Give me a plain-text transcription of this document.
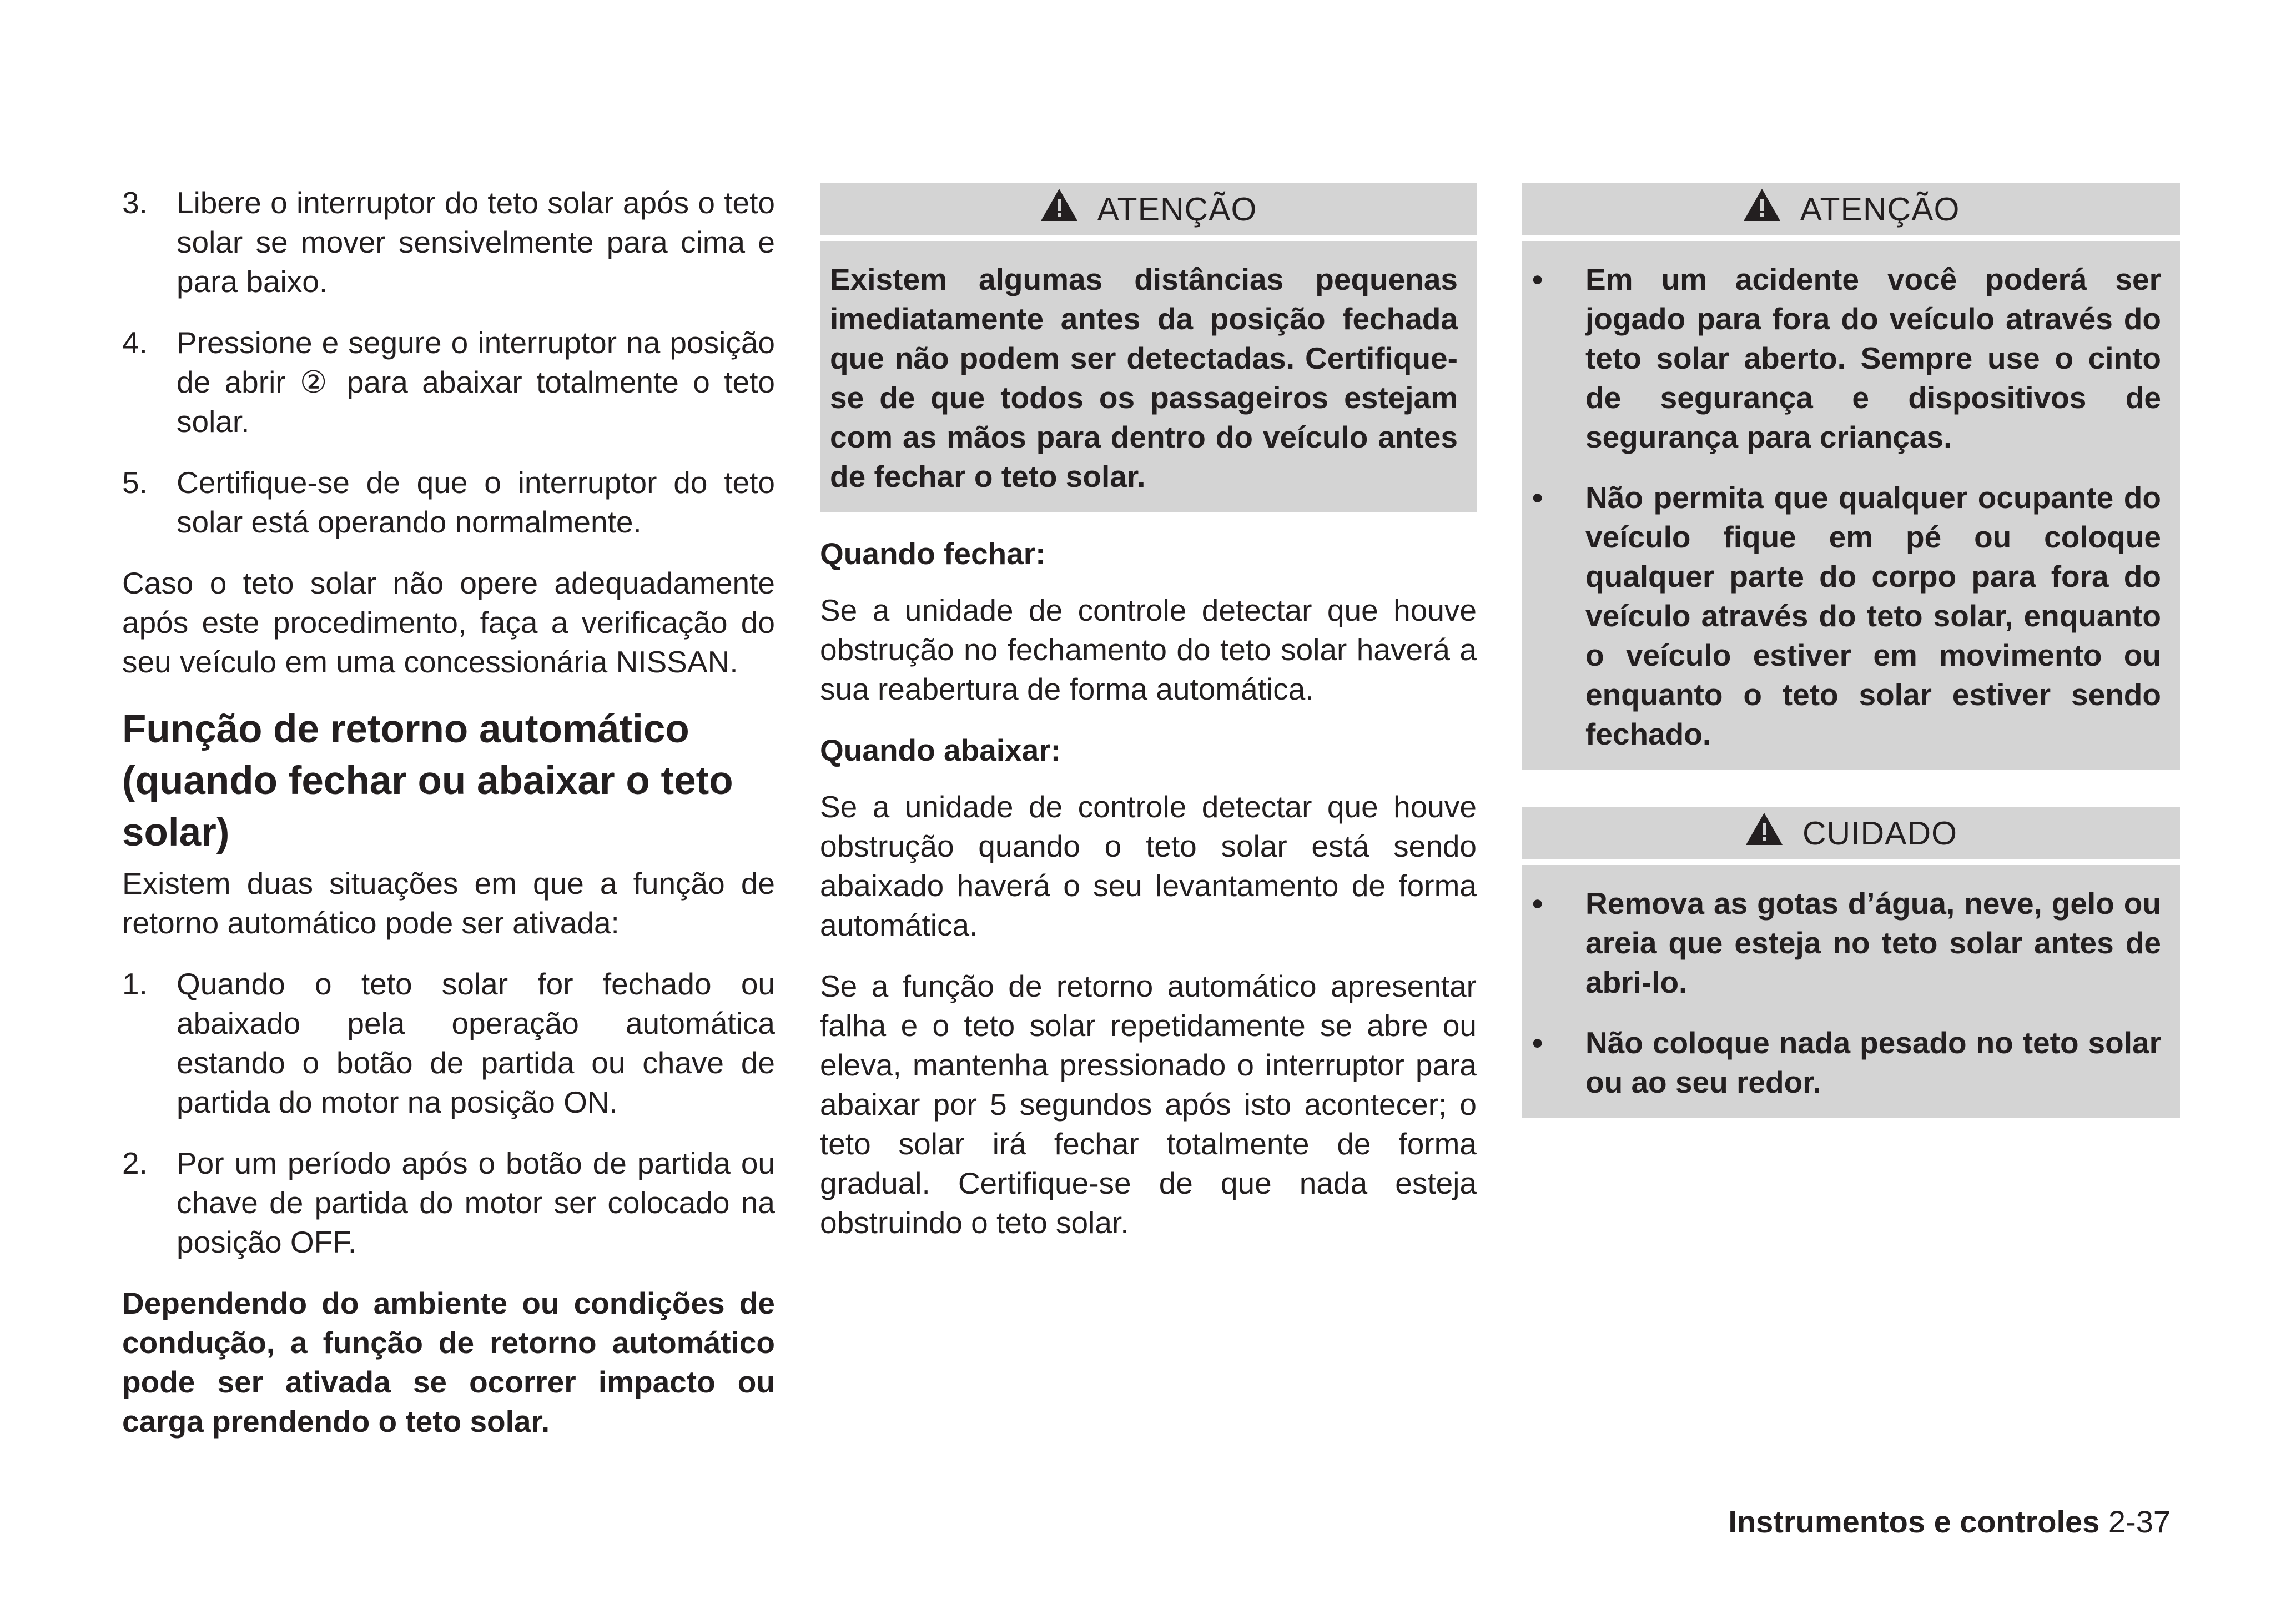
3. Libere o interruptor do teto solar após o teto solar se mover sensivelmente para cima e para baixo.
4. Pressione e segure o interruptor na posição de abrir ② para abaixar totalmente o teto solar.
5. Certifique-se de que o interruptor do teto solar está operando normalmente.

Caso o teto solar não opere adequadamente após este procedimento, faça a verificação do seu veículo em uma concessionária NISSAN.

Função de retorno automático (quando fechar ou abaixar o teto solar)

Existem duas situações em que a função de retorno automático pode ser ativada:

1. Quando o teto solar for fechado ou abaixado pela operação automática estando o botão de partida ou chave de partida do motor na posição ON.
2. Por um período após o botão de partida ou chave de partida do motor ser colocado na posição OFF.

Dependendo do ambiente ou condições de condução, a função de retorno automático pode ser ativada se ocorrer impacto ou carga prendendo o teto solar.

ATENÇÃO
Existem algumas distâncias pequenas imediatamente antes da posição fechada que não podem ser detectadas. Certifique-se de que todos os passageiros estejam com as mãos para dentro do veículo antes de fechar o teto solar.
Quando fechar:

Se a unidade de controle detectar que houve obstrução no fechamento do teto solar haverá a sua reabertura de forma automática.

Quando abaixar:

Se a unidade de controle detectar que houve obstrução quando o teto solar está sendo abaixado haverá o seu levantamento de forma automática.

Se a função de retorno automático apresentar falha e o teto solar repetidamente se abre ou eleva, mantenha pressionado o interruptor para abaixar por 5 segundos após isto acontecer; o teto solar irá fechar totalmente de forma gradual. Certifique-se de que nada esteja obstruindo o teto solar.

ATENÇÃO
•	Em um acidente você poderá ser jogado para fora do veículo através do teto solar aberto. Sempre use o cinto de segurança e dispositivos de segurança para crianças.
•	Não permita que qualquer ocupante do veículo fique em pé ou coloque qualquer parte do corpo para fora do veículo através do teto solar, enquanto o veículo estiver em movimento ou enquanto o teto solar estiver sendo fechado.
CUIDADO
•	Remova as gotas d’água, neve, gelo ou areia que esteja no teto solar antes de abri-lo.
•	Não coloque nada pesado no teto solar ou ao seu redor.
Instrumentos e controles 2-37
